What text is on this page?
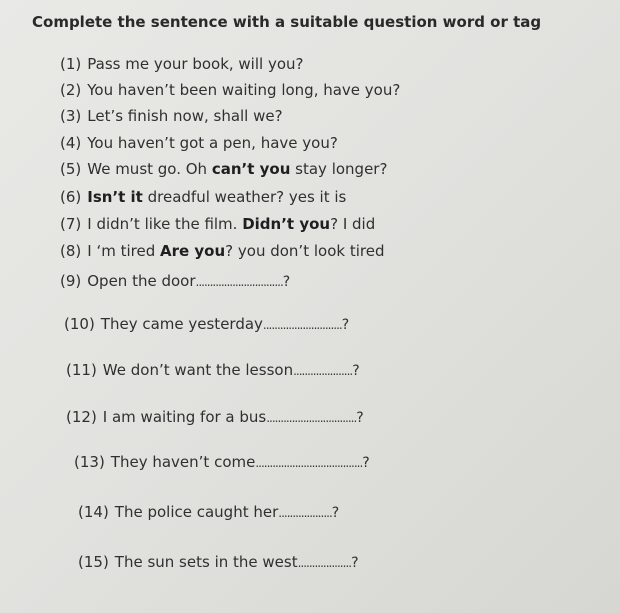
Complete the sentence with a suitable question word or tag
(1) Pass me your book, will you?
(2) You haven’t been waiting long, have you?
(3) Let’s finish now, shall we?
(4) You haven’t got a pen, have you?
(5) We must go. Oh can’t you stay longer?
(6) Isn’t it dreadful weather? yes it is
(7) I didn’t like the film. Didn’t you? I did
(8) I ‘m tired Are you? you don’t look tired
(9) Open the door...............................?
(10) They came yesterday............................?
(11) We don’t want the lesson.....................?
(12) I am waiting for a bus................................?
(13) They haven’t come......................................?
(14) The police caught her...................?
(15) The sun sets in the west...................?
